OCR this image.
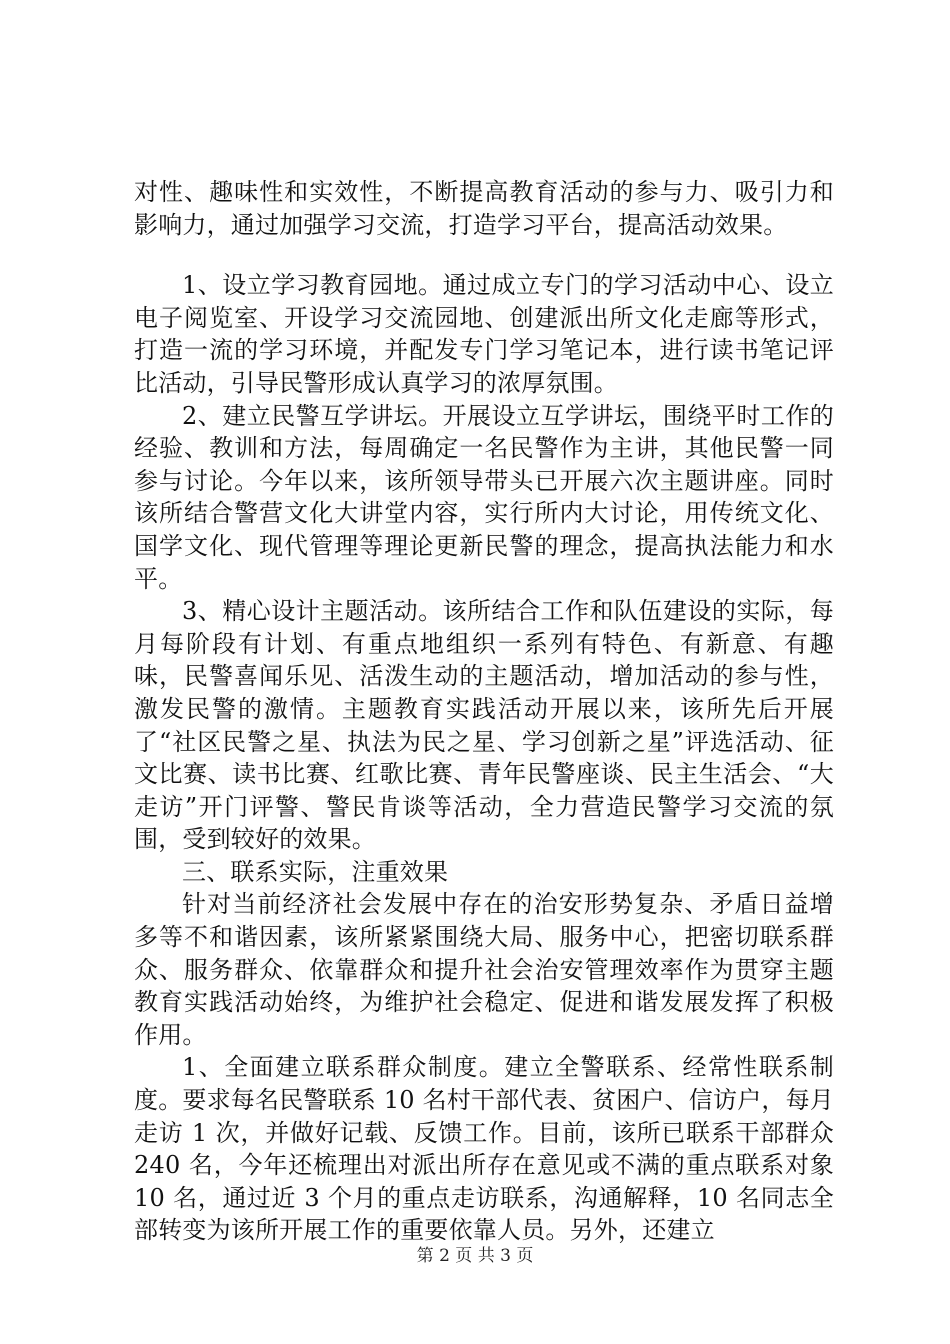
对性、趣味性和实效性，不断提高教育活动的参与力、吸引力和影响力，通过加强学习交流，打造学习平台，提高活动效果。

1、设立学习教育园地。通过成立专门的学习活动中心、设立电子阅览室、开设学习交流园地、创建派出所文化走廊等形式，打造一流的学习环境，并配发专门学习笔记本，进行读书笔记评比活动，引导民警形成认真学习的浓厚氛围。

2、建立民警互学讲坛。开展设立互学讲坛，围绕平时工作的经验、教训和方法，每周确定一名民警作为主讲，其他民警一同参与讨论。今年以来，该所领导带头已开展六次主题讲座。同时该所结合警营文化大讲堂内容，实行所内大讨论，用传统文化、国学文化、现代管理等理论更新民警的理念，提高执法能力和水平。

3、精心设计主题活动。该所结合工作和队伍建设的实际，每月每阶段有计划、有重点地组织一系列有特色、有新意、有趣味，民警喜闻乐见、活泼生动的主题活动，增加活动的参与性，激发民警的激情。主题教育实践活动开展以来，该所先后开展了“社区民警之星、执法为民之星、学习创新之星”评选活动、征文比赛、读书比赛、红歌比赛、青年民警座谈、民主生活会、“大走访”开门评警、警民肯谈等活动，全力营造民警学习交流的氛围，受到较好的效果。

三、联系实际，注重效果

针对当前经济社会发展中存在的治安形势复杂、矛盾日益增多等不和谐因素，该所紧紧围绕大局、服务中心，把密切联系群众、服务群众、依靠群众和提升社会治安管理效率作为贯穿主题教育实践活动始终，为维护社会稳定、促进和谐发展发挥了积极作用。

1、全面建立联系群众制度。建立全警联系、经常性联系制度。要求每名民警联系 10 名村干部代表、贫困户、信访户，每月走访 1 次，并做好记载、反馈工作。目前，该所已联系干部群众 240 名，今年还梳理出对派出所存在意见或不满的重点联系对象 10 名，通过近 3 个月的重点走访联系，沟通解释，10 名同志全部转变为该所开展工作的重要依靠人员。另外，还建立

第 2 页 共 3 页
